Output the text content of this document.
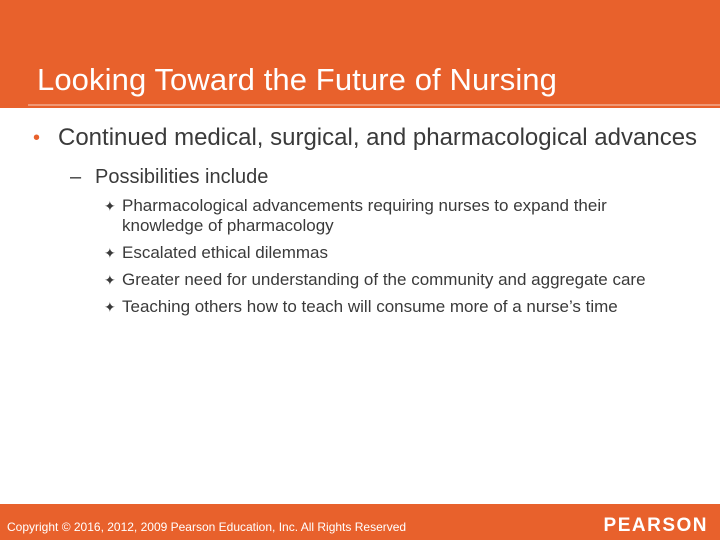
Looking Toward the Future of Nursing
• Continued medical, surgical, and pharmacological advances
– Possibilities include
✦ Pharmacological advancements requiring nurses to expand their knowledge of pharmacology
✦ Escalated ethical dilemmas
✦ Greater need for understanding of the community and aggregate care
✦ Teaching others how to teach will consume more of a nurse’s time
Copyright © 2016, 2012, 2009 Pearson Education, Inc. All Rights Reserved	PEARSON
